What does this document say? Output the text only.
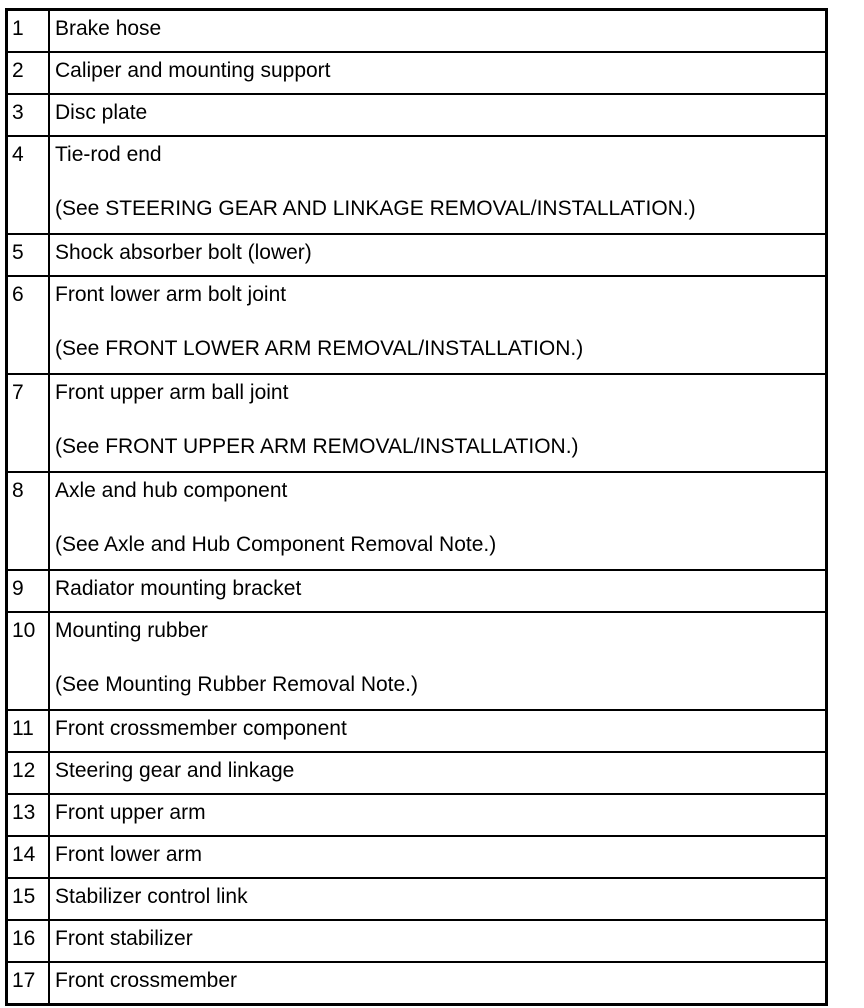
1	Brake hose

2	Caliper and mounting support

3	Disc plate

4	Tie-rod end
(See STEERING GEAR AND LINKAGE REMOVAL/INSTALLATION.)

5	Shock absorber bolt (lower)

6	Front lower arm bolt joint
(See FRONT LOWER ARM REMOVAL/INSTALLATION.)

7	Front upper arm ball joint
(See FRONT UPPER ARM REMOVAL/INSTALLATION.)

8	Axle and hub component
(See Axle and Hub Component Removal Note.)

9	Radiator mounting bracket

10	Mounting rubber
(See Mounting Rubber Removal Note.)

11	Front crossmember component

12	Steering gear and linkage

13	Front upper arm

14	Front lower arm

15	Stabilizer control link

16	Front stabilizer

17	Front crossmember
